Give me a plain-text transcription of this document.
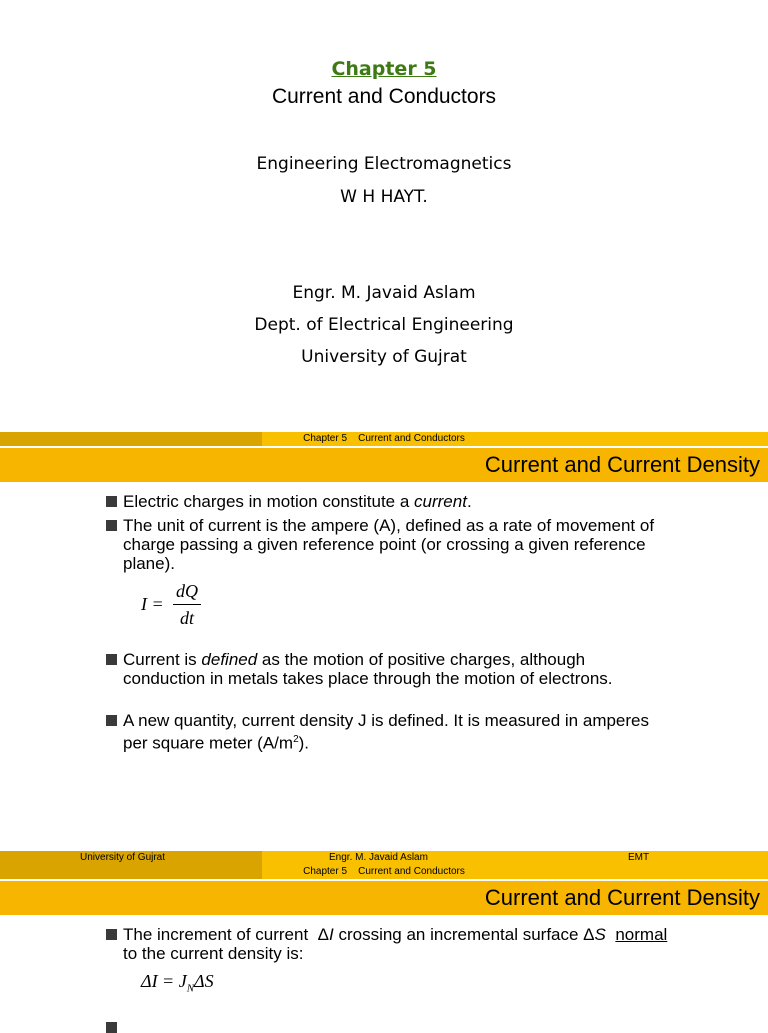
Chapter 5
Current and Conductors
Engineering Electromagnetics
W H HAYT.
Engr. M. Javaid Aslam
Dept. of Electrical Engineering
University of Gujrat
Chapter 5    Current and Conductors
Current and Current Density
Electric charges in motion constitute a current.
The unit of current is the ampere (A), defined as a rate of movement of charge passing a given reference point (or crossing a given reference plane).
I =
dQ
dt
Current is defined as the motion of positive charges, although conduction in metals takes place through the motion of electrons.
A new quantity, current density J is defined. It is measured in amperes per square meter $(A/m^2)$.
University of Gujrat	Engr. M. Javaid Aslam	EMT
Chapter 5    Current and Conductors
Current and Current Density
The increment of current  ΔI crossing an incremental surface ΔS normal to the current density is:
$\Delta I = J_N\Delta S$
